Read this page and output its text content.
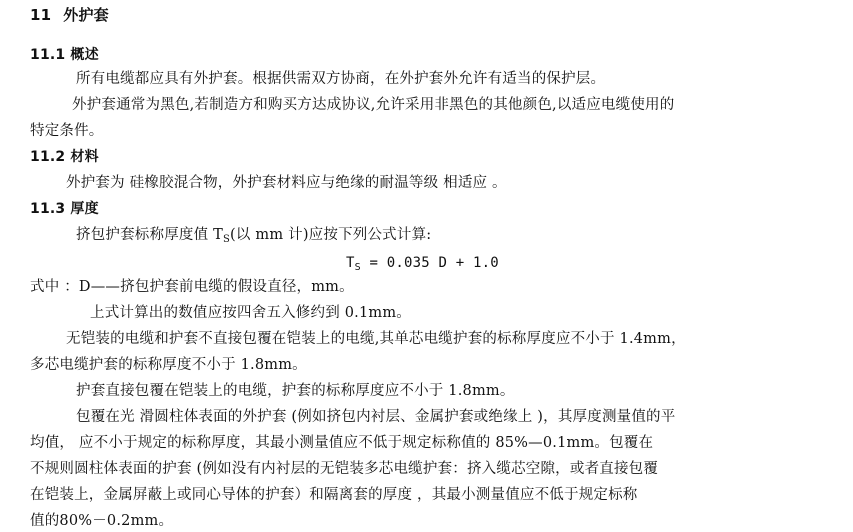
11 外护套
11.1 概述
所有电缆都应具有外护套。根据供需双方协商，在外护套外允许有适当的保护层。
外护套通常为黑色,若制造方和购买方达成协议,允许采用非黑色的其他颜色,以适应电缆使用的
特定条件。
11.2 材料
外护套为 硅橡胶混合物，外护套材料应与绝缘的耐温等级 相适应 。
11.3 厚度
挤包护套标称厚度值 $T_S$(以 mm 计)应按下列公式计算:
$T_S = 0.035$ D + 1.0
式中 ：D——挤包护套前电缆的假设直径，mm。
上式计算出的数值应按四舍五入修约到 0.1mm。
无铠装的电缆和护套不直接包覆在铠装上的电缆,其单芯电缆护套的标称厚度应不小于 1.4mm，
多芯电缆护套的标称厚度不小于 1.8mm。
护套直接包覆在铠装上的电缆，护套的标称厚度应不小于 1.8mm。
包覆在光 滑圆柱体表面的外护套 (例如挤包内衬层、金属护套或绝缘上 )，其厚度测量值的平
均值， 应不小于规定的标称厚度，其最小测量值应不低于规定标称值的 85%—0.1mm。包覆在
不规则圆柱体表面的护套 (例如没有内衬层的无铠装多芯电缆护套：挤入缆芯空隙，或者直接包覆
在铠装上，金属屏蔽上或同心导体的护套）和隔离套的厚度 ，其最小测量值应不低于规定标称
值的80%－0.2mm。
